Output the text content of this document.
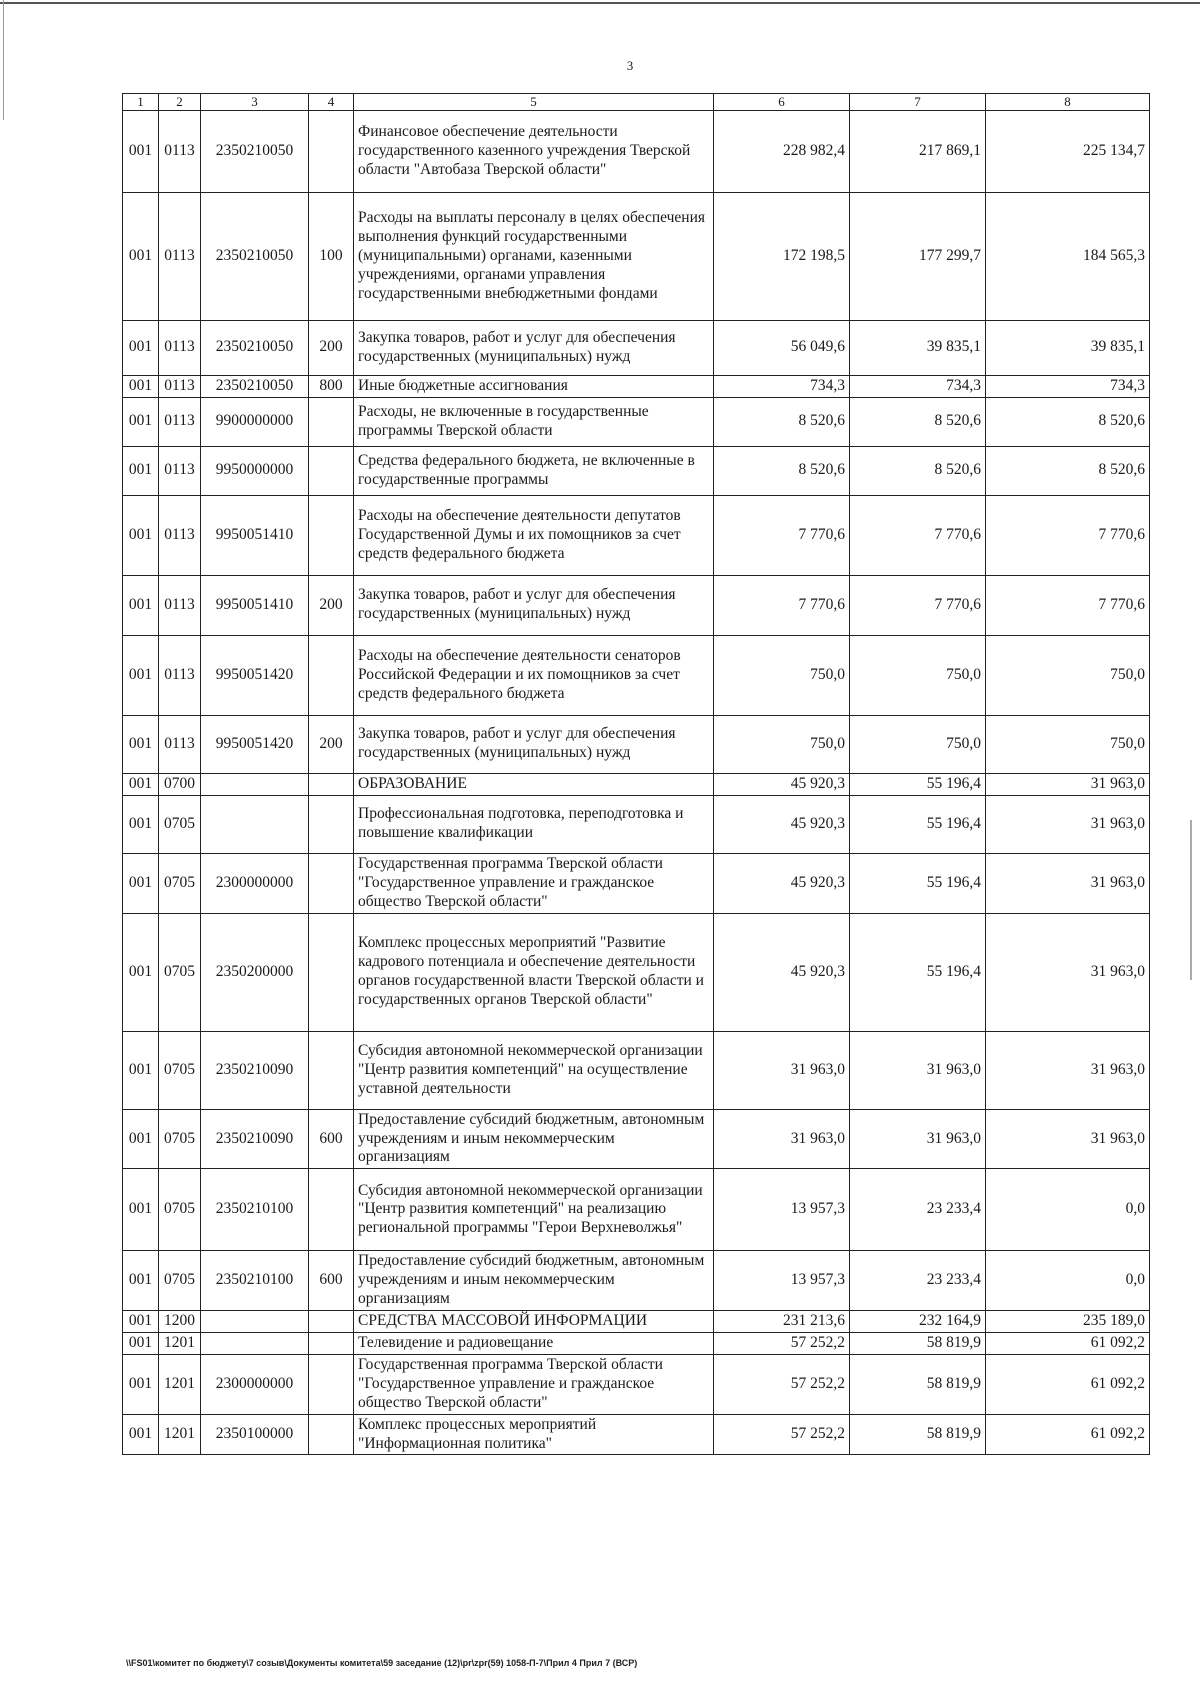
3
1	2	3	4	5	6	7	8
001	0113	2350210050		Финансовое обеспечение деятельности государственного казенного учреждения Тверской области "Автобаза Тверской области"	228 982,4	217 869,1	225 134,7
001	0113	2350210050	100	Расходы на выплаты персоналу в целях обеспечения выполнения функций государственными (муниципальными) органами, казенными учреждениями, органами управления государственными внебюджетными фондами	172 198,5	177 299,7	184 565,3
001	0113	2350210050	200	Закупка товаров, работ и услуг для обеспечения государственных (муниципальных) нужд	56 049,6	39 835,1	39 835,1
001	0113	2350210050	800	Иные бюджетные ассигнования	734,3	734,3	734,3
001	0113	9900000000		Расходы, не включенные в государственные программы Тверской области	8 520,6	8 520,6	8 520,6
001	0113	9950000000		Средства федерального бюджета, не включенные в государственные программы	8 520,6	8 520,6	8 520,6
001	0113	9950051410		Расходы на обеспечение деятельности депутатов Государственной Думы и их помощников за счет средств федерального бюджета	7 770,6	7 770,6	7 770,6
001	0113	9950051410	200	Закупка товаров, работ и услуг для обеспечения государственных (муниципальных) нужд	7 770,6	7 770,6	7 770,6
001	0113	9950051420		Расходы на обеспечение деятельности сенаторов Российской Федерации и их помощников за счет средств федерального бюджета	750,0	750,0	750,0
001	0113	9950051420	200	Закупка товаров, работ и услуг для обеспечения государственных (муниципальных) нужд	750,0	750,0	750,0
001	0700			ОБРАЗОВАНИЕ	45 920,3	55 196,4	31 963,0
001	0705			Профессиональная подготовка, переподготовка и повышение квалификации	45 920,3	55 196,4	31 963,0
001	0705	2300000000		Государственная программа Тверской области "Государственное управление и гражданское общество Тверской области"	45 920,3	55 196,4	31 963,0
001	0705	2350200000		Комплекс процессных мероприятий "Развитие кадрового потенциала и обеспечение деятельности органов государственной власти Тверской области и государственных органов Тверской области"	45 920,3	55 196,4	31 963,0
001	0705	2350210090		Субсидия автономной некоммерческой организации "Центр развития компетенций" на осуществление уставной деятельности	31 963,0	31 963,0	31 963,0
001	0705	2350210090	600	Предоставление субсидий бюджетным, автономным учреждениям и иным некоммерческим организациям	31 963,0	31 963,0	31 963,0
001	0705	2350210100		Субсидия автономной некоммерческой организации "Центр развития компетенций" на реализацию региональной программы "Герои Верхневолжья"	13 957,3	23 233,4	0,0
001	0705	2350210100	600	Предоставление субсидий бюджетным, автономным учреждениям и иным некоммерческим организациям	13 957,3	23 233,4	0,0
001	1200			СРЕДСТВА МАССОВОЙ ИНФОРМАЦИИ	231 213,6	232 164,9	235 189,0
001	1201			Телевидение и радиовещание	57 252,2	58 819,9	61 092,2
001	1201	2300000000		Государственная программа Тверской области "Государственное управление и гражданское общество Тверской области"	57 252,2	58 819,9	61 092,2
001	1201	2350100000		Комплекс процессных мероприятий "Информационная политика"	57 252,2	58 819,9	61 092,2
\\FS01\комитет по бюджету\7 созыв\Документы комитета\59 заседание (12)\pr\zpr(59) 1058-П-7\Прил 4 Прил 7 (ВСР)
